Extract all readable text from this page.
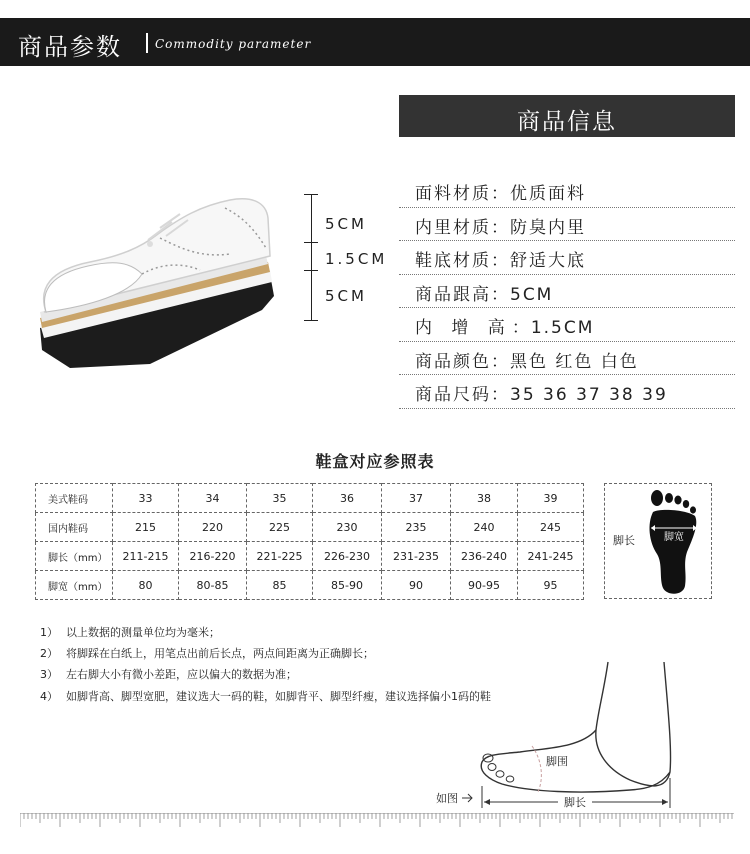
商品参数	Commodity parameter
5CM
1.5CM
5CM
商品信息
面料材质：优质面料
内里材质：防臭内里
鞋底材质：舒适大底
商品跟高：5CM
内 增 高：1.5CM
商品颜色：黑色 红色 白色
商品尺码：35 36 37 38 39
鞋盒对应参照表
美式鞋码	33	34	35	36	37	38	39
国内鞋码	215	220	225	230	235	240	245
脚长（mm）	211-215	216-220	221-225	226-230	231-235	236-240	241-245
脚宽（mm）	80	80-85	85	85-90	90	90-95	95
脚长	脚宽
1） 以上数据的测量单位均为毫米；
2） 将脚踩在白纸上，用笔点出前后长点，两点间距离为正确脚长；
3） 左右脚大小有微小差距，应以偏大的数据为准；
4） 如脚背高、脚型宽肥，建议选大一码的鞋，如脚背平、脚型纤瘦，建议选择偏小1码的鞋
脚围
脚长
如图
